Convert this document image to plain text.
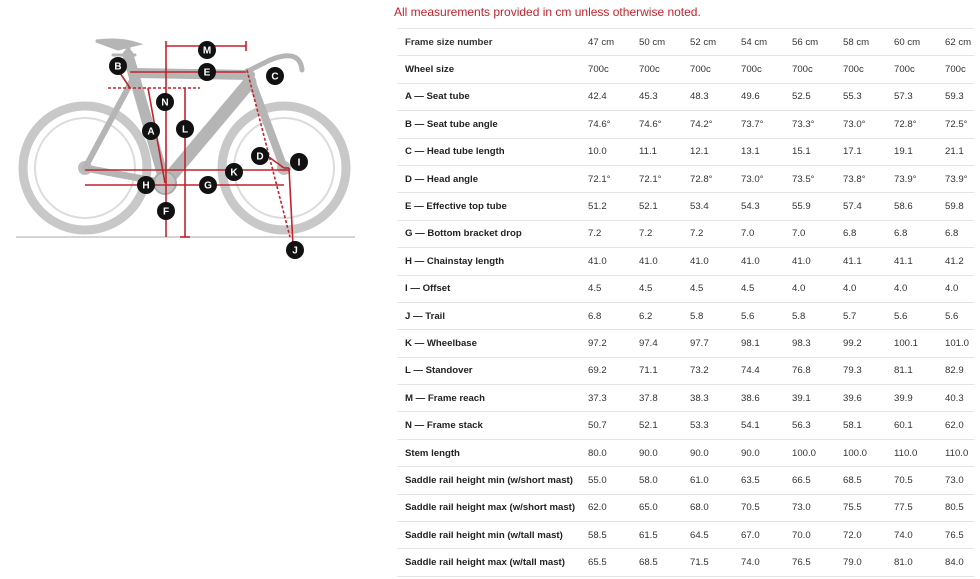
All measurements provided in cm unless otherwise noted.
M
B
E	C
N
A	L
D
I
K
H	G
F
J
Frame size number	47 cm	50 cm	52 cm	54 cm	56 cm	58 cm	60 cm	62 cm
Wheel size	700c	700c	700c	700c	700c	700c	700c	700c
A — Seat tube	42.4	45.3	48.3	49.6	52.5	55.3	57.3	59.3
B — Seat tube angle	74.6°	74.6°	74.2°	73.7°	73.3°	73.0°	72.8°	72.5°
C — Head tube length	10.0	11.1	12.1	13.1	15.1	17.1	19.1	21.1
D — Head angle	72.1°	72.1°	72.8°	73.0°	73.5°	73.8°	73.9°	73.9°
E — Effective top tube	51.2	52.1	53.4	54.3	55.9	57.4	58.6	59.8
G — Bottom bracket drop	7.2	7.2	7.2	7.0	7.0	6.8	6.8	6.8
H — Chainstay length	41.0	41.0	41.0	41.0	41.0	41.1	41.1	41.2
I — Offset	4.5	4.5	4.5	4.5	4.0	4.0	4.0	4.0
J — Trail	6.8	6.2	5.8	5.6	5.8	5.7	5.6	5.6
K — Wheelbase	97.2	97.4	97.7	98.1	98.3	99.2	100.1	101.0
L — Standover	69.2	71.1	73.2	74.4	76.8	79.3	81.1	82.9
M — Frame reach	37.3	37.8	38.3	38.6	39.1	39.6	39.9	40.3
N — Frame stack	50.7	52.1	53.3	54.1	56.3	58.1	60.1	62.0
Stem length	80.0	90.0	90.0	90.0	100.0	100.0	110.0	110.0
Saddle rail height min (w/short mast)	55.0	58.0	61.0	63.5	66.5	68.5	70.5	73.0
Saddle rail height max (w/short mast)	62.0	65.0	68.0	70.5	73.0	75.5	77.5	80.5
Saddle rail height min (w/tall mast)	58.5	61.5	64.5	67.0	70.0	72.0	74.0	76.5
Saddle rail height max (w/tall mast)	65.5	68.5	71.5	74.0	76.5	79.0	81.0	84.0
